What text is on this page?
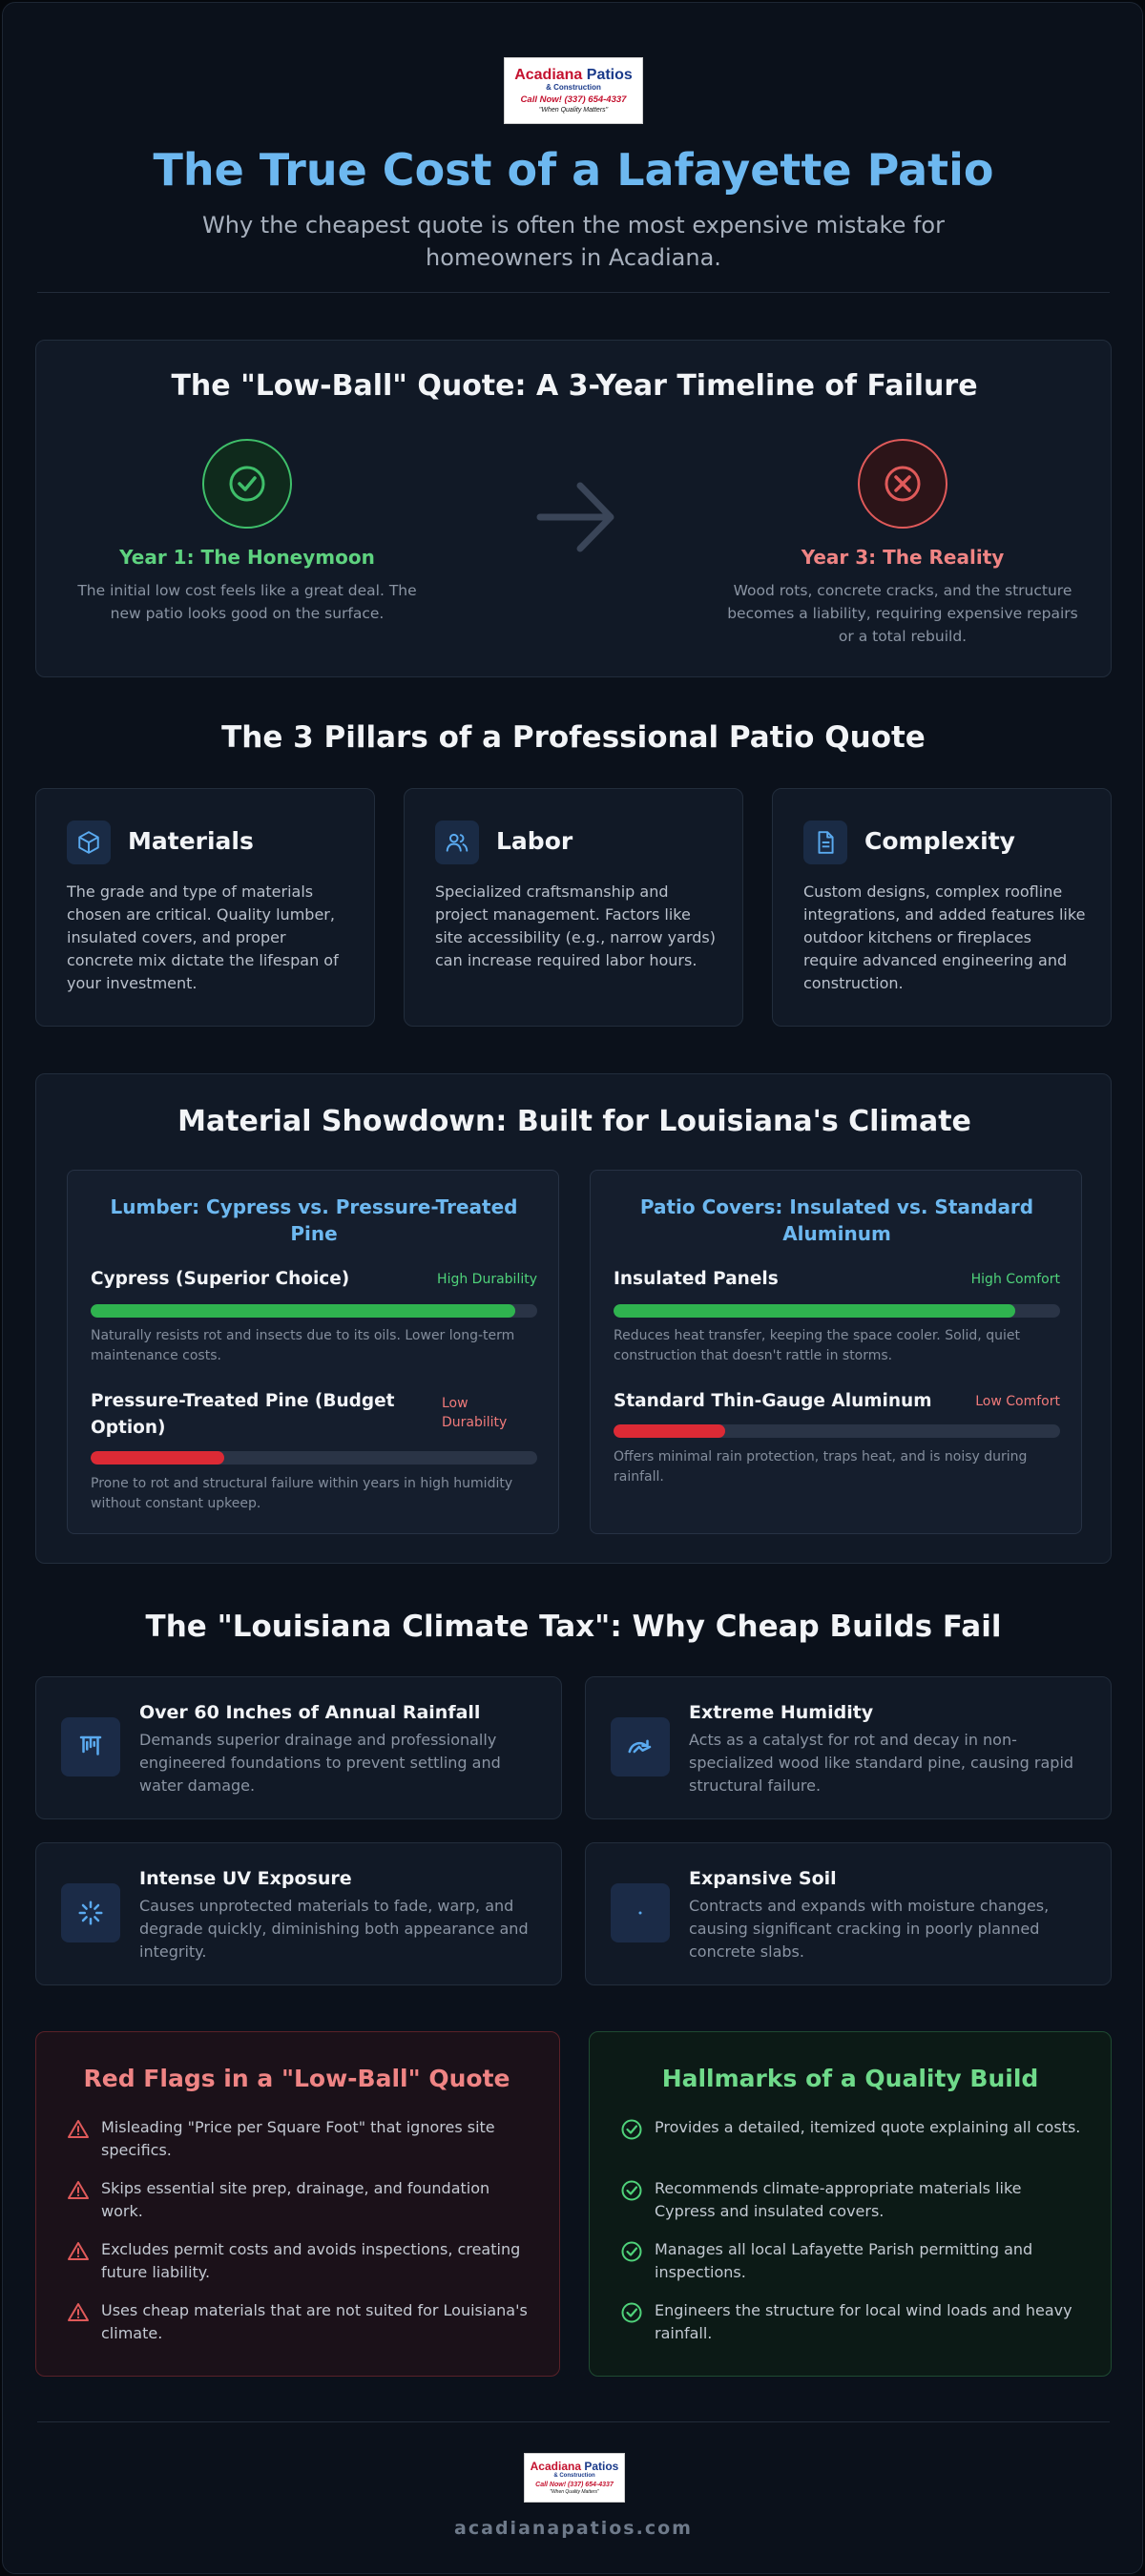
Acadiana Patios
& Construction
Call Now! (337) 654-4337
"When Quality Matters"
The True Cost of a Lafayette Patio
Why the cheapest quote is often the most expensive mistake for homeowners in Acadiana.
The "Low-Ball" Quote: A 3-Year Timeline of Failure
Year 1: The Honeymoon
The initial low cost feels like a great deal. The new patio looks good on the surface.
Year 3: The Reality
Wood rots, concrete cracks, and the structure becomes a liability, requiring expensive repairs or a total rebuild.
The 3 Pillars of a Professional Patio Quote
Materials
The grade and type of materials chosen are critical. Quality lumber, insulated covers, and proper concrete mix dictate the lifespan of your investment.
Labor
Specialized craftsmanship and project management. Factors like site accessibility (e.g., narrow yards) can increase required labor hours.
Complexity
Custom designs, complex roofline integrations, and added features like outdoor kitchens or fireplaces require advanced engineering and construction.
Material Showdown: Built for Louisiana's Climate
Lumber: Cypress vs. Pressure-Treated Pine
Cypress (Superior Choice)	High Durability
Naturally resists rot and insects due to its oils. Lower long-term maintenance costs.
Pressure-Treated Pine (Budget Option)
Low Durability
Prone to rot and structural failure within years in high humidity without constant upkeep.
Patio Covers: Insulated vs. Standard Aluminum
Insulated Panels	High Comfort
Reduces heat transfer, keeping the space cooler. Solid, quiet construction that doesn't rattle in storms.
Standard Thin-Gauge Aluminum	Low Comfort
Offers minimal rain protection, traps heat, and is noisy during rainfall.
The "Louisiana Climate Tax": Why Cheap Builds Fail
Over 60 Inches of Annual Rainfall
Demands superior drainage and professionally engineered foundations to prevent settling and water damage.
Extreme Humidity
Acts as a catalyst for rot and decay in non-specialized wood like standard pine, causing rapid structural failure.
Intense UV Exposure
Causes unprotected materials to fade, warp, and degrade quickly, diminishing both appearance and integrity.
Expansive Soil
Contracts and expands with moisture changes, causing significant cracking in poorly planned concrete slabs.
Red Flags in a "Low-Ball" Quote
Misleading "Price per Square Foot" that ignores site specifics.
Skips essential site prep, drainage, and foundation work.
Excludes permit costs and avoids inspections, creating future liability.
Uses cheap materials that are not suited for Louisiana's climate.
Hallmarks of a Quality Build
Provides a detailed, itemized quote explaining all costs.
Recommends climate-appropriate materials like Cypress and insulated covers.
Manages all local Lafayette Parish permitting and inspections.
Engineers the structure for local wind loads and heavy rainfall.
Acadiana Patios
& Construction
Call Now! (337) 654-4337
"When Quality Matters"
acadianapatios.com
